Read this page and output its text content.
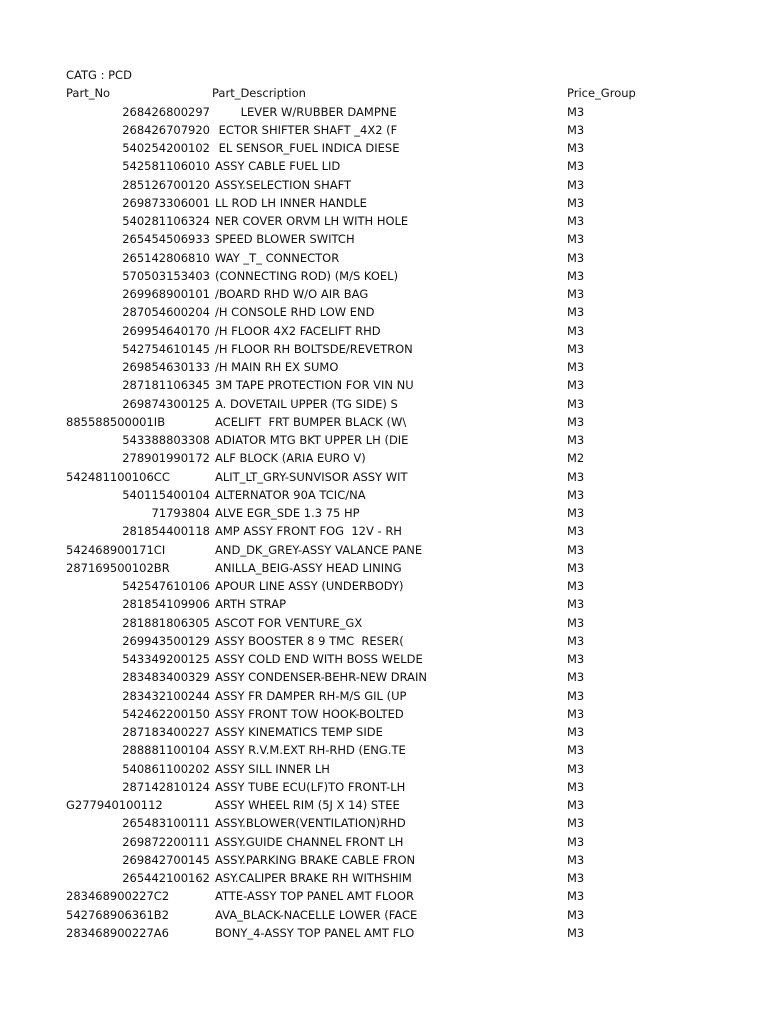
CATG : PCD
Part_No	Part_Description	Price_Group
268426800297 LEVER W/RUBBER DAMPNE	M3
268426707920 ECTOR SHIFTER SHAFT _4X2 (F	M3
540254200102 EL SENSOR_FUEL INDICA DIESE	M3
542581106010 ASSY CABLE FUEL LID	M3
285126700120 ASSY.SELECTION SHAFT	M3
269873306001 LL ROD LH INNER HANDLE	M3
540281106324 NER COVER ORVM LH WITH HOLE	M3
265454506933 SPEED BLOWER SWITCH	M3
265142806810 WAY _T_ CONNECTOR	M3
570503153403 (CONNECTING ROD) (M/S KOEL)	M3
269968900101 /BOARD RHD W/O AIR BAG	M3
287054600204 /H CONSOLE RHD LOW END	M3
269954640170 /H FLOOR 4X2 FACELIFT RHD	M3
542754610145 /H FLOOR RH BOLTSDE/REVETRON	M3
269854630133 /H MAIN RH EX SUMO	M3
287181106345 3M TAPE PROTECTION FOR VIN NU	M3
269874300125 A. DOVETAIL UPPER (TG SIDE) S	M3
885588500001IB	ACELIFT  FRT BUMPER BLACK (W\	M3
543388803308 ADIATOR MTG BKT UPPER LH (DIE	M3
278901990172 ALF BLOCK (ARIA EURO V)	M2
542481100106CC	ALIT_LT_GRY-SUNVISOR ASSY WIT	M3
540115400104 ALTERNATOR 90A TCIC/NA	M3
71793804 ALVE EGR_SDE 1.3 75 HP	M3
281854400118 AMP ASSY FRONT FOG  12V - RH	M3
542468900171CI	AND_DK_GREY-ASSY VALANCE PANE	M3
287169500102BR	ANILLA_BEIG-ASSY HEAD LINING	M3
542547610106 APOUR LINE ASSY (UNDERBODY)	M3
281854109906 ARTH STRAP	M3
281881806305 ASCOT FOR VENTURE_GX	M3
269943500129 ASSY BOOSTER 8 9 TMC  RESER(	M3
543349200125 ASSY COLD END WITH BOSS WELDE	M3
283483400329 ASSY CONDENSER-BEHR-NEW DRAIN	M3
283432100244 ASSY FR DAMPER RH-M/S GIL (UP	M3
542462200150 ASSY FRONT TOW HOOK-BOLTED	M3
287183400227 ASSY KINEMATICS TEMP SIDE	M3
288881100104 ASSY R.V.M.EXT RH-RHD (ENG.TE	M3
540861100202 ASSY SILL INNER LH	M3
287142810124 ASSY TUBE ECU(LF)TO FRONT-LH	M3
G277940100112	ASSY WHEEL RIM (5J X 14) STEE	M3
265483100111 ASSY.BLOWER(VENTILATION)RHD	M3
269872200111 ASSY.GUIDE CHANNEL FRONT LH	M3
269842700145 ASSY.PARKING BRAKE CABLE FRON	M3
265442100162 ASY.CALIPER BRAKE RH WITHSHIM	M3
283468900227C2	ATTE-ASSY TOP PANEL AMT FLOOR	M3
542768906361B2	AVA_BLACK-NACELLE LOWER (FACE	M3
283468900227A6	BONY_4-ASSY TOP PANEL AMT FLO	M3
